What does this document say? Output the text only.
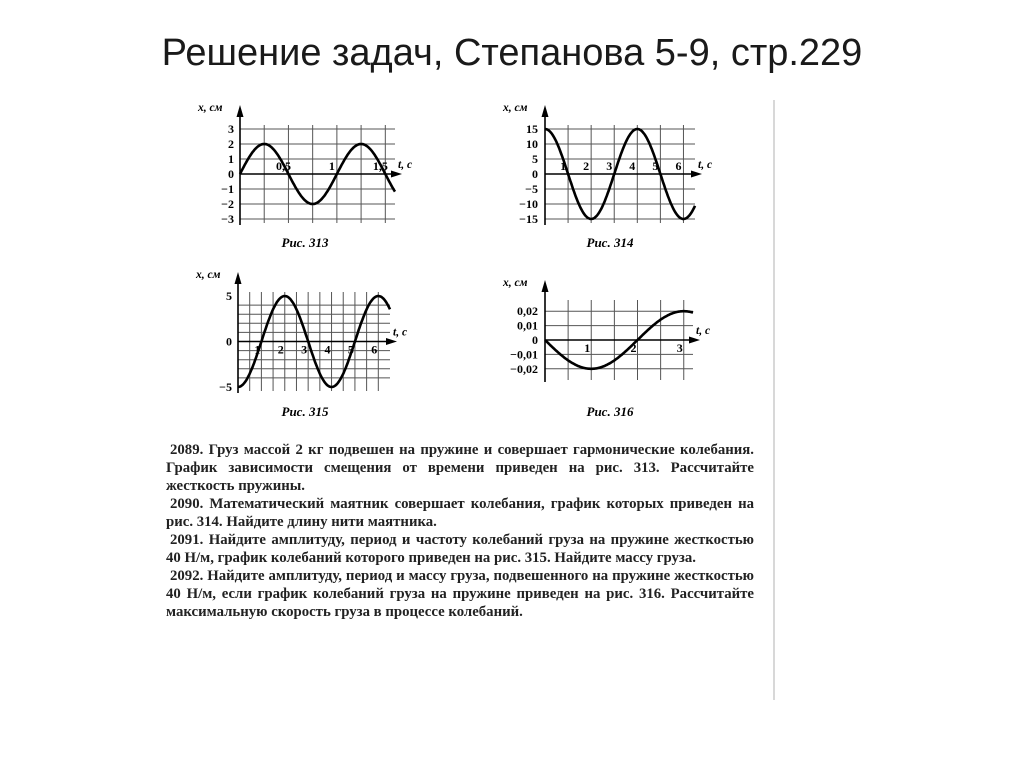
Решение задач, Степанова 5-9, стр.229
x, см
t, с
3
2
1
0
−1
−2
−3
0,5	1	1,5
Рис. 313
x, см
t, с
15
10
5
0
−5
−10
−15
1 2 3 4 5 6
Рис. 314
x, см
t, с
5
0
−5
1 2 3 4 5 6
Рис. 315
x, см
t, с
0,02
0,01
0
−0,01
−0,02
1	2	3
Рис. 316

2089. Груз массой 2 кг подвешен на пружине и совершает гармонические колебания. График зависимости смещения от времени приведен на рис. 313. Рассчитайте жесткость пружины.

2090. Математический маятник совершает колебания, график которых приведен на рис. 314. Найдите длину нити маятника.

2091. Найдите амплитуду, период и частоту колебаний груза на пружине жесткостью 40 Н/м, график колебаний которого приведен на рис. 315. Найдите массу груза.

2092. Найдите амплитуду, период и массу груза, подвешенного на пружине жесткостью 40 Н/м, если график колебаний груза на пружине приведен на рис. 316. Рассчитайте максимальную скорость груза в процессе колебаний.
